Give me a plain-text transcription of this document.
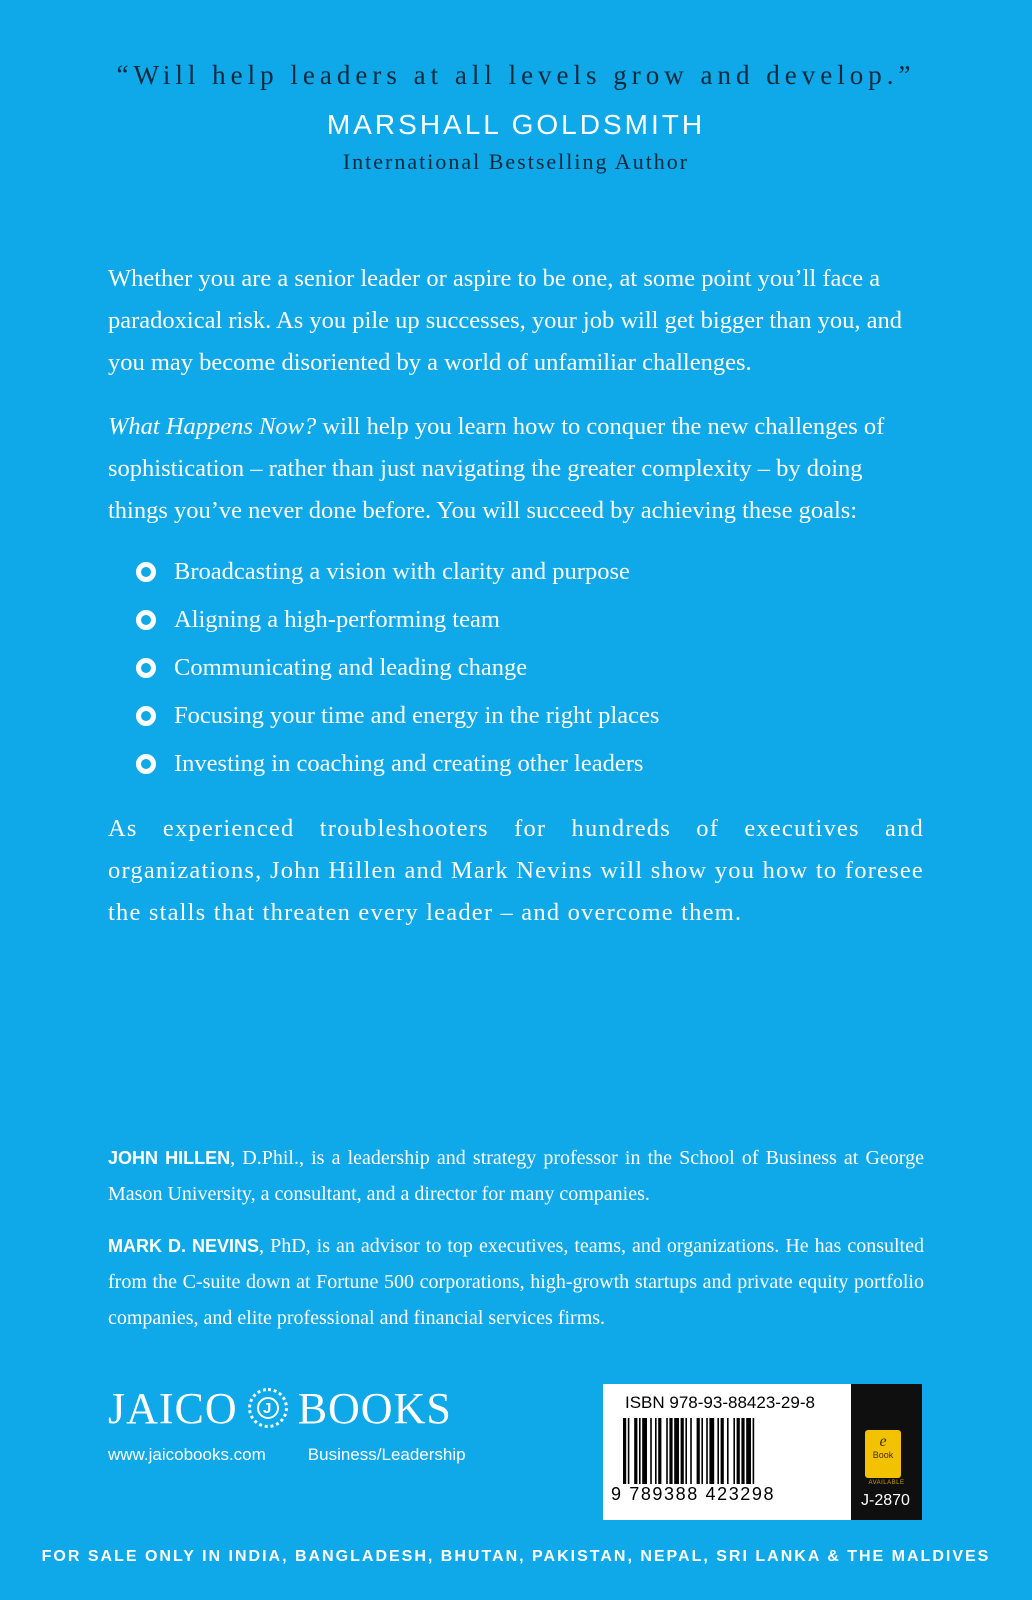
“Will help leaders at all levels grow and develop.”

MARSHALL GOLDSMITH
International Bestselling Author

Whether you are a senior leader or aspire to be one, at some point you’ll face a paradoxical risk. As you pile up successes, your job will get bigger than you, and you may become disoriented by a world of unfamiliar challenges.

What Happens Now? will help you learn how to conquer the new challenges of sophistication – rather than just navigating the greater complexity – by doing things you’ve never done before. You will succeed by achieving these goals:

Broadcasting a vision with clarity and purpose
Aligning a high-performing team
Communicating and leading change
Focusing your time and energy in the right places
Investing in coaching and creating other leaders

As experienced troubleshooters for hundreds of executives and organizations, John Hillen and Mark Nevins will show you how to foresee the stalls that threaten every leader – and overcome them.

JOHN HILLEN, D.Phil., is a leadership and strategy professor in the School of Business at George Mason University, a consultant, and a director for many companies.

MARK D. NEVINS, PhD, is an advisor to top executives, teams, and organizations. He has consulted from the C-suite down at Fortune 500 corporations, high-growth startups and private equity portfolio companies, and elite professional and financial services firms.

JAICO	J BOOKS
www.jaicobooks.com Business/Leadership
ISBN 978-93-88423-29-8
9 789388 423298
e
Book
AVAILABLE
J-2870
FOR SALE ONLY IN INDIA, BANGLADESH, BHUTAN, PAKISTAN, NEPAL, SRI LANKA & THE MALDIVES
